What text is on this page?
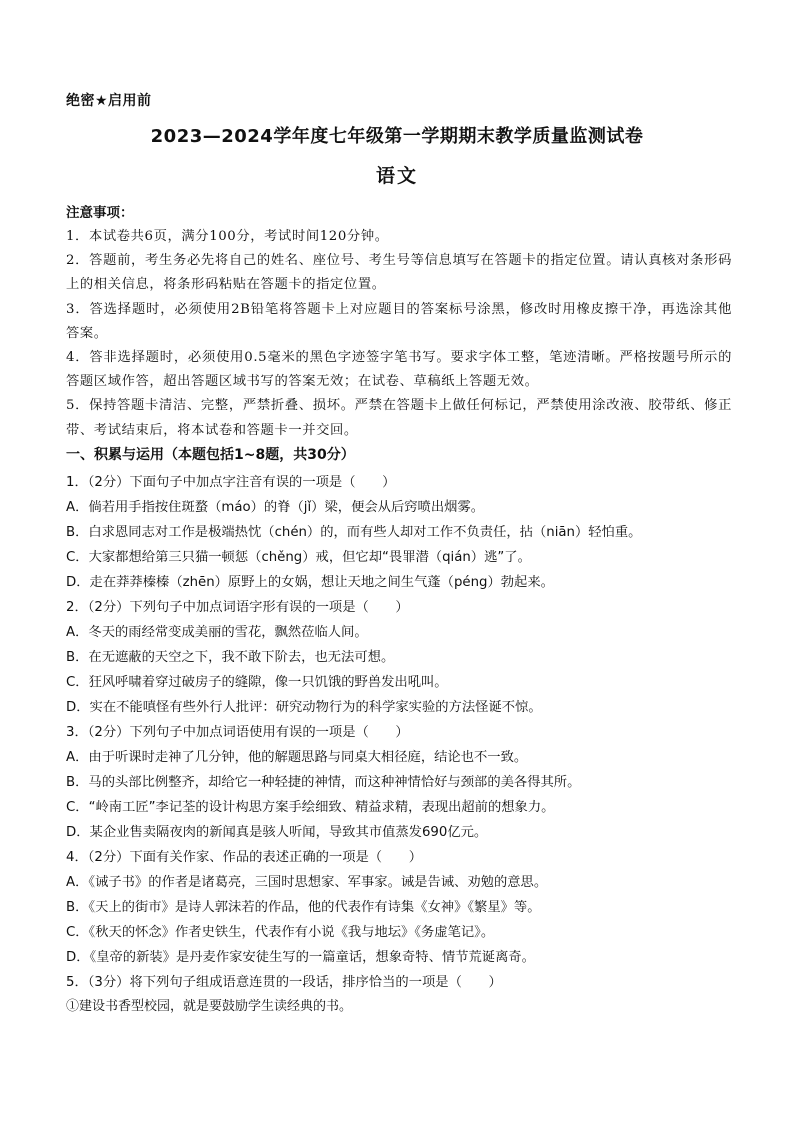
绝密★启用前
2023—2024学年度七年级第一学期期末教学质量监测试卷
语文
注意事项：

1．本试卷共6页，满分100分，考试时间120分钟。

2．答题前，考生务必先将自己的姓名、座位号、考生号等信息填写在答题卡的指定位置。请认真核对条形码上的相关信息，将条形码粘贴在答题卡的指定位置。

3．答选择题时，必须使用2B铅笔将答题卡上对应题目的答案标号涂黑，修改时用橡皮擦干净，再选涂其他答案。

4．答非选择题时，必须使用0.5毫米的黑色字迹签字笔书写。要求字体工整，笔迹清晰。严格按题号所示的答题区域作答，超出答题区域书写的答案无效；在试卷、草稿纸上答题无效。

5．保持答题卡清洁、完整，严禁折叠、损坏。严禁在答题卡上做任何标记，严禁使用涂改液、胶带纸、修正带、考试结束后，将本试卷和答题卡一并交回。

一、积累与运用（本题包括1~8题，共30分）
1．（2分）下面句子中加点字注音有误的一项是（　　）
A．倘若用手指按住斑蝥（máo）的脊（jǐ）梁，便会从后窍喷出烟雾。
B．白求恩同志对工作是极端热忱（chén）的，而有些人却对工作不负责任，拈（niān）轻怕重。
C．大家都想给第三只猫一顿惩（chěng）戒，但它却“畏罪潜（qián）逃”了。
D．走在莽莽榛榛（zhēn）原野上的女娲，想让天地之间生气蓬（péng）勃起来。
2．（2分）下列句子中加点词语字形有误的一项是（　　）
A．冬天的雨经常变成美丽的雪花，飘然莅临人间。
B．在无遮蔽的天空之下，我不敢下阶去，也无法可想。
C．狂风呼啸着穿过破房子的缝隙，像一只饥饿的野兽发出吼叫。
D．实在不能嗔怪有些外行人批评：研究动物行为的科学家实验的方法怪诞不惊。
3．（2分）下列句子中加点词语使用有误的一项是（　　）
A．由于听课时走神了几分钟，他的解题思路与同桌大相径庭，结论也不一致。
B．马的头部比例整齐，却给它一种轻捷的神情，而这种神情恰好与颈部的美各得其所。
C．“岭南工匠”李记荃的设计构思方案手绘细致、精益求精，表现出超前的想象力。
D．某企业售卖隔夜肉的新闻真是骇人听闻，导致其市值蒸发690亿元。
4．（2分）下面有关作家、作品的表述正确的一项是（　　）
A．《诫子书》的作者是诸葛亮，三国时思想家、军事家。诫是告诫、劝勉的意思。
B．《天上的街市》是诗人郭沫若的作品，他的代表作有诗集《女神》《繁星》等。
C．《秋天的怀念》作者史铁生，代表作有小说《我与地坛》《务虚笔记》。
D．《皇帝的新装》是丹麦作家安徒生写的一篇童话，想象奇特、情节荒诞离奇。
5．（3分）将下列句子组成语意连贯的一段话，排序恰当的一项是（　　）
①建设书香型校园，就是要鼓励学生读经典的书。
